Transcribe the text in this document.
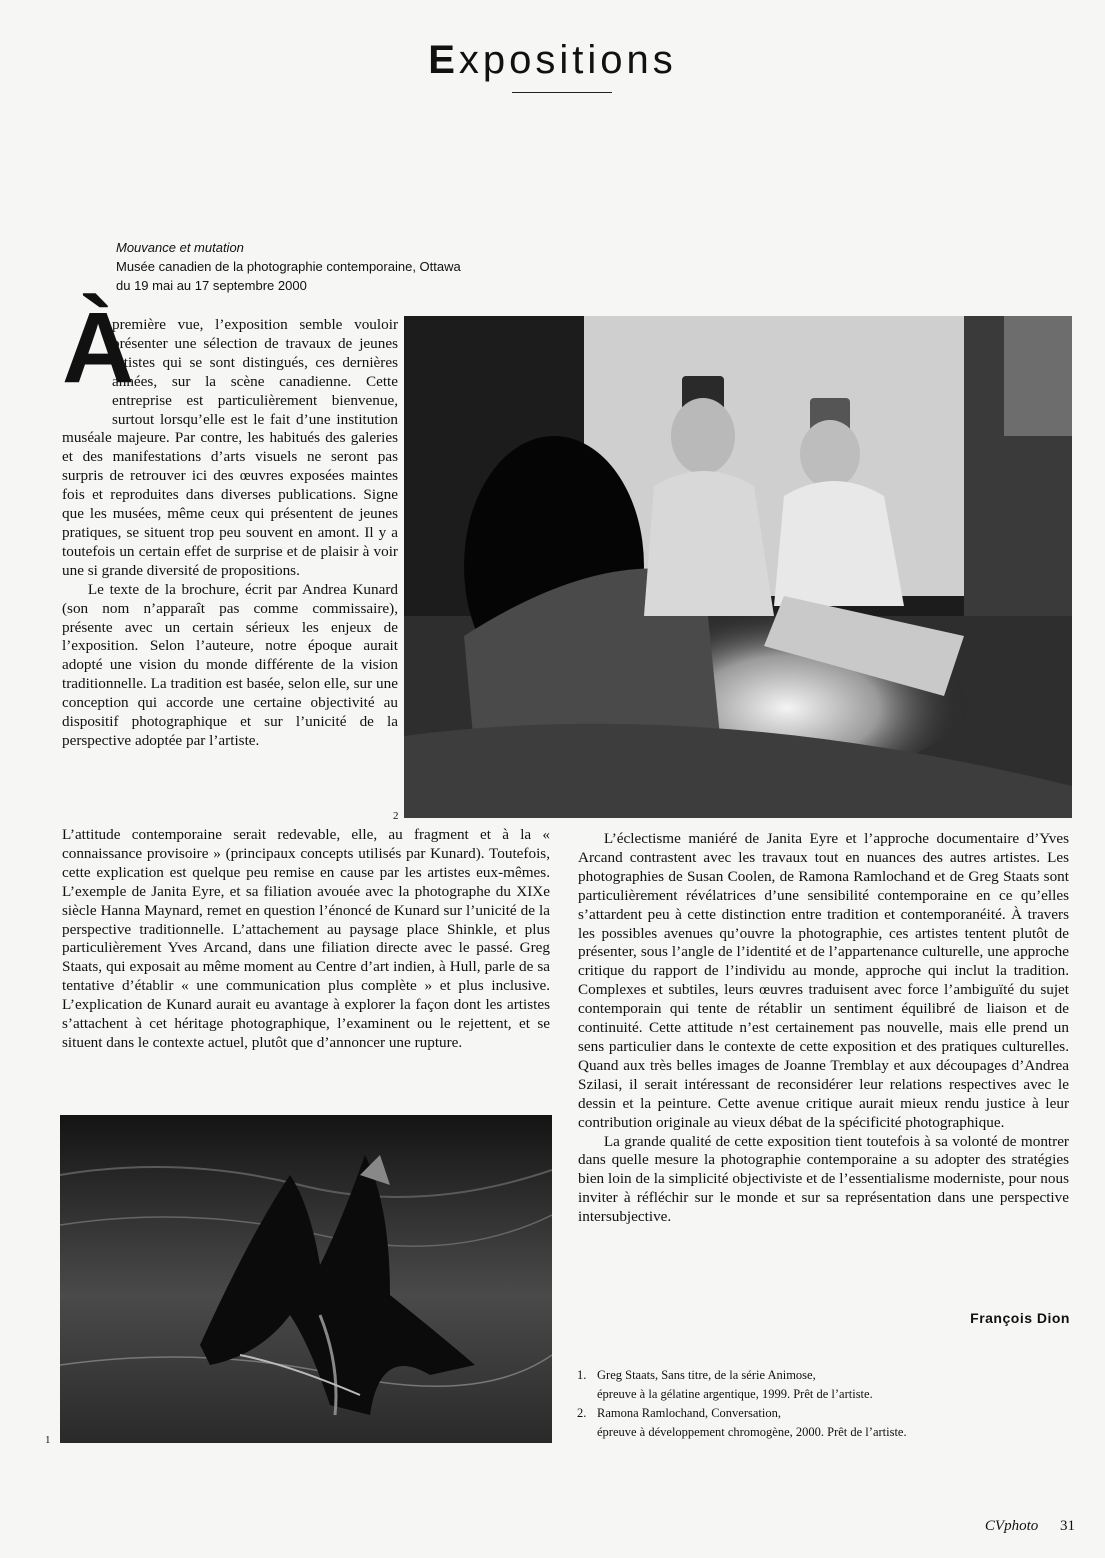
Expositions
Mouvance et mutation
Musée canadien de la photographie contemporaine, Ottawa
du 19 mai au 17 septembre 2000
À

première vue, l’exposition semble vouloir présenter une sélection de travaux de jeunes artistes qui se sont distingués, ces dernières années, sur la scène canadienne. Cette entreprise est particulièrement bienvenue, surtout lorsqu’elle est le fait d’une institution muséale majeure. Par contre, les habitués des galeries et des manifestations d’arts visuels ne seront pas surpris de retrouver ici des œuvres exposées maintes fois et reproduites dans diverses publications. Signe que les musées, même ceux qui présentent de jeunes pratiques, se situent trop peu souvent en amont. Il y a toutefois un certain effet de surprise et de plaisir à voir une si grande diversité de propositions.

Le texte de la brochure, écrit par Andrea Kunard (son nom n’apparaît pas comme commissaire), présente avec un certain sérieux les enjeux de l’exposition. Selon l’auteure, notre époque aurait adopté une vision du monde différente de la vision traditionnelle. La tradition est basée, selon elle, sur une conception qui accorde une certaine objectivité au dispositif photographique et sur l’unicité de la perspective adoptée par l’artiste.

L’attitude contemporaine serait redevable, elle, au fragment et à la « connaissance provisoire » (principaux concepts utilisés par Kunard). Toutefois, cette explication est quelque peu remise en cause par les artistes eux-mêmes. L’exemple de Janita Eyre, et sa filiation avouée avec la photographe du XIXe siècle Hanna Maynard, remet en question l’énoncé de Kunard sur l’unicité de la perspective traditionnelle. L’attachement au paysage place Shinkle, et plus particulièrement Yves Arcand, dans une filiation directe avec le passé. Greg Staats, qui exposait au même moment au Centre d’art indien, à Hull, parle de sa tentative d’établir « une communication plus complète » et plus inclusive. L’explication de Kunard aurait eu avantage à explorer la façon dont les artistes s’attachent à cet héritage photographique, l’examinent ou le rejettent, et se situent dans le contexte actuel, plutôt que d’annoncer une rupture.

2
1

L’éclectisme maniéré de Janita Eyre et l’approche documentaire d’Yves Arcand contrastent avec les travaux tout en nuances des autres artistes. Les photographies de Susan Coolen, de Ramona Ramlochand et de Greg Staats sont particulièrement révélatrices d’une sensibilité contemporaine en ce qu’elles s’attardent peu à cette distinction entre tradition et contemporanéité. À travers les possibles avenues qu’ouvre la photographie, ces artistes tentent plutôt de présenter, sous l’angle de l’identité et de l’appartenance culturelle, une approche critique du rapport de l’individu au monde, approche qui inclut la tradition. Complexes et subtiles, leurs œuvres traduisent avec force l’ambiguïté du sujet contemporain qui tente de rétablir un sentiment équilibré de liaison et de continuité. Cette attitude n’est certainement pas nouvelle, mais elle prend un sens particulier dans le contexte de cette exposition et des pratiques culturelles. Quand aux très belles images de Joanne Tremblay et aux découpages d’Andrea Szilasi, il serait intéressant de reconsidérer leur relations respectives avec le dessin et la peinture. Cette avenue critique aurait mieux rendu justice à leur contribution originale au vieux débat de la spécificité photographique.

La grande qualité de cette exposition tient toutefois à sa volonté de montrer dans quelle mesure la photographie contemporaine a su adopter des stratégies bien loin de la simplicité objectiviste et de l’essentialisme moderniste, pour nous inviter à réfléchir sur le monde et sur sa représentation dans une perspective intersubjective.

François Dion
1. Greg Staats, Sans titre, de la série Animose,
épreuve à la gélatine argentique, 1999. Prêt de l’artiste.
2. Ramona Ramlochand, Conversation,
épreuve à développement chromogène, 2000. Prêt de l’artiste.
CVphoto 31
